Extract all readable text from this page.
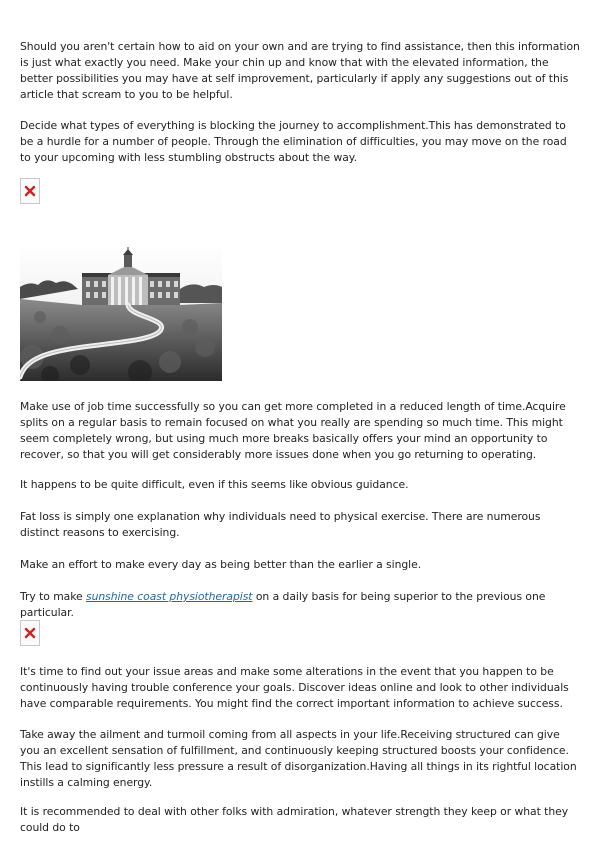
Should you aren't certain how to aid on your own and are trying to find assistance, then this information is just what exactly you need. Make your chin up and know that with the elevated information, the better possibilities you may have at self improvement, particularly if apply any suggestions out of this article that scream to you to be helpful.

Decide what types of everything is blocking the journey to accomplishment.This has demonstrated to be a hurdle for a number of people. Through the elimination of difficulties, you may move on the road to your upcoming with less stumbling obstructs about the way.

Make use of job time successfully so you can get more completed in a reduced length of time.Acquire splits on a regular basis to remain focused on what you really are spending so much time. This might seem completely wrong, but using much more breaks basically offers your mind an opportunity to recover, so that you will get considerably more issues done when you go returning to operating.

It happens to be quite difficult, even if this seems like obvious guidance.

Fat loss is simply one explanation why individuals need to physical exercise. There are numerous distinct reasons to exercising.

Make an effort to make every day as being better than the earlier a single.

Try to make sunshine coast physiotherapist on a daily basis for being superior to the previous one particular.

It's time to find out your issue areas and make some alterations in the event that you happen to be continuously having trouble conference your goals. Discover ideas online and look to other individuals have comparable requirements. You might find the correct important information to achieve success.

Take away the ailment and turmoil coming from all aspects in your life.Receiving structured can give you an excellent sensation of fulfillment, and continuously keeping structured boosts your confidence. This lead to significantly less pressure a result of disorganization.Having all things in its rightful location instills a calming energy.

It is recommended to deal with other folks with admiration, whatever strength they keep or what they could do to
